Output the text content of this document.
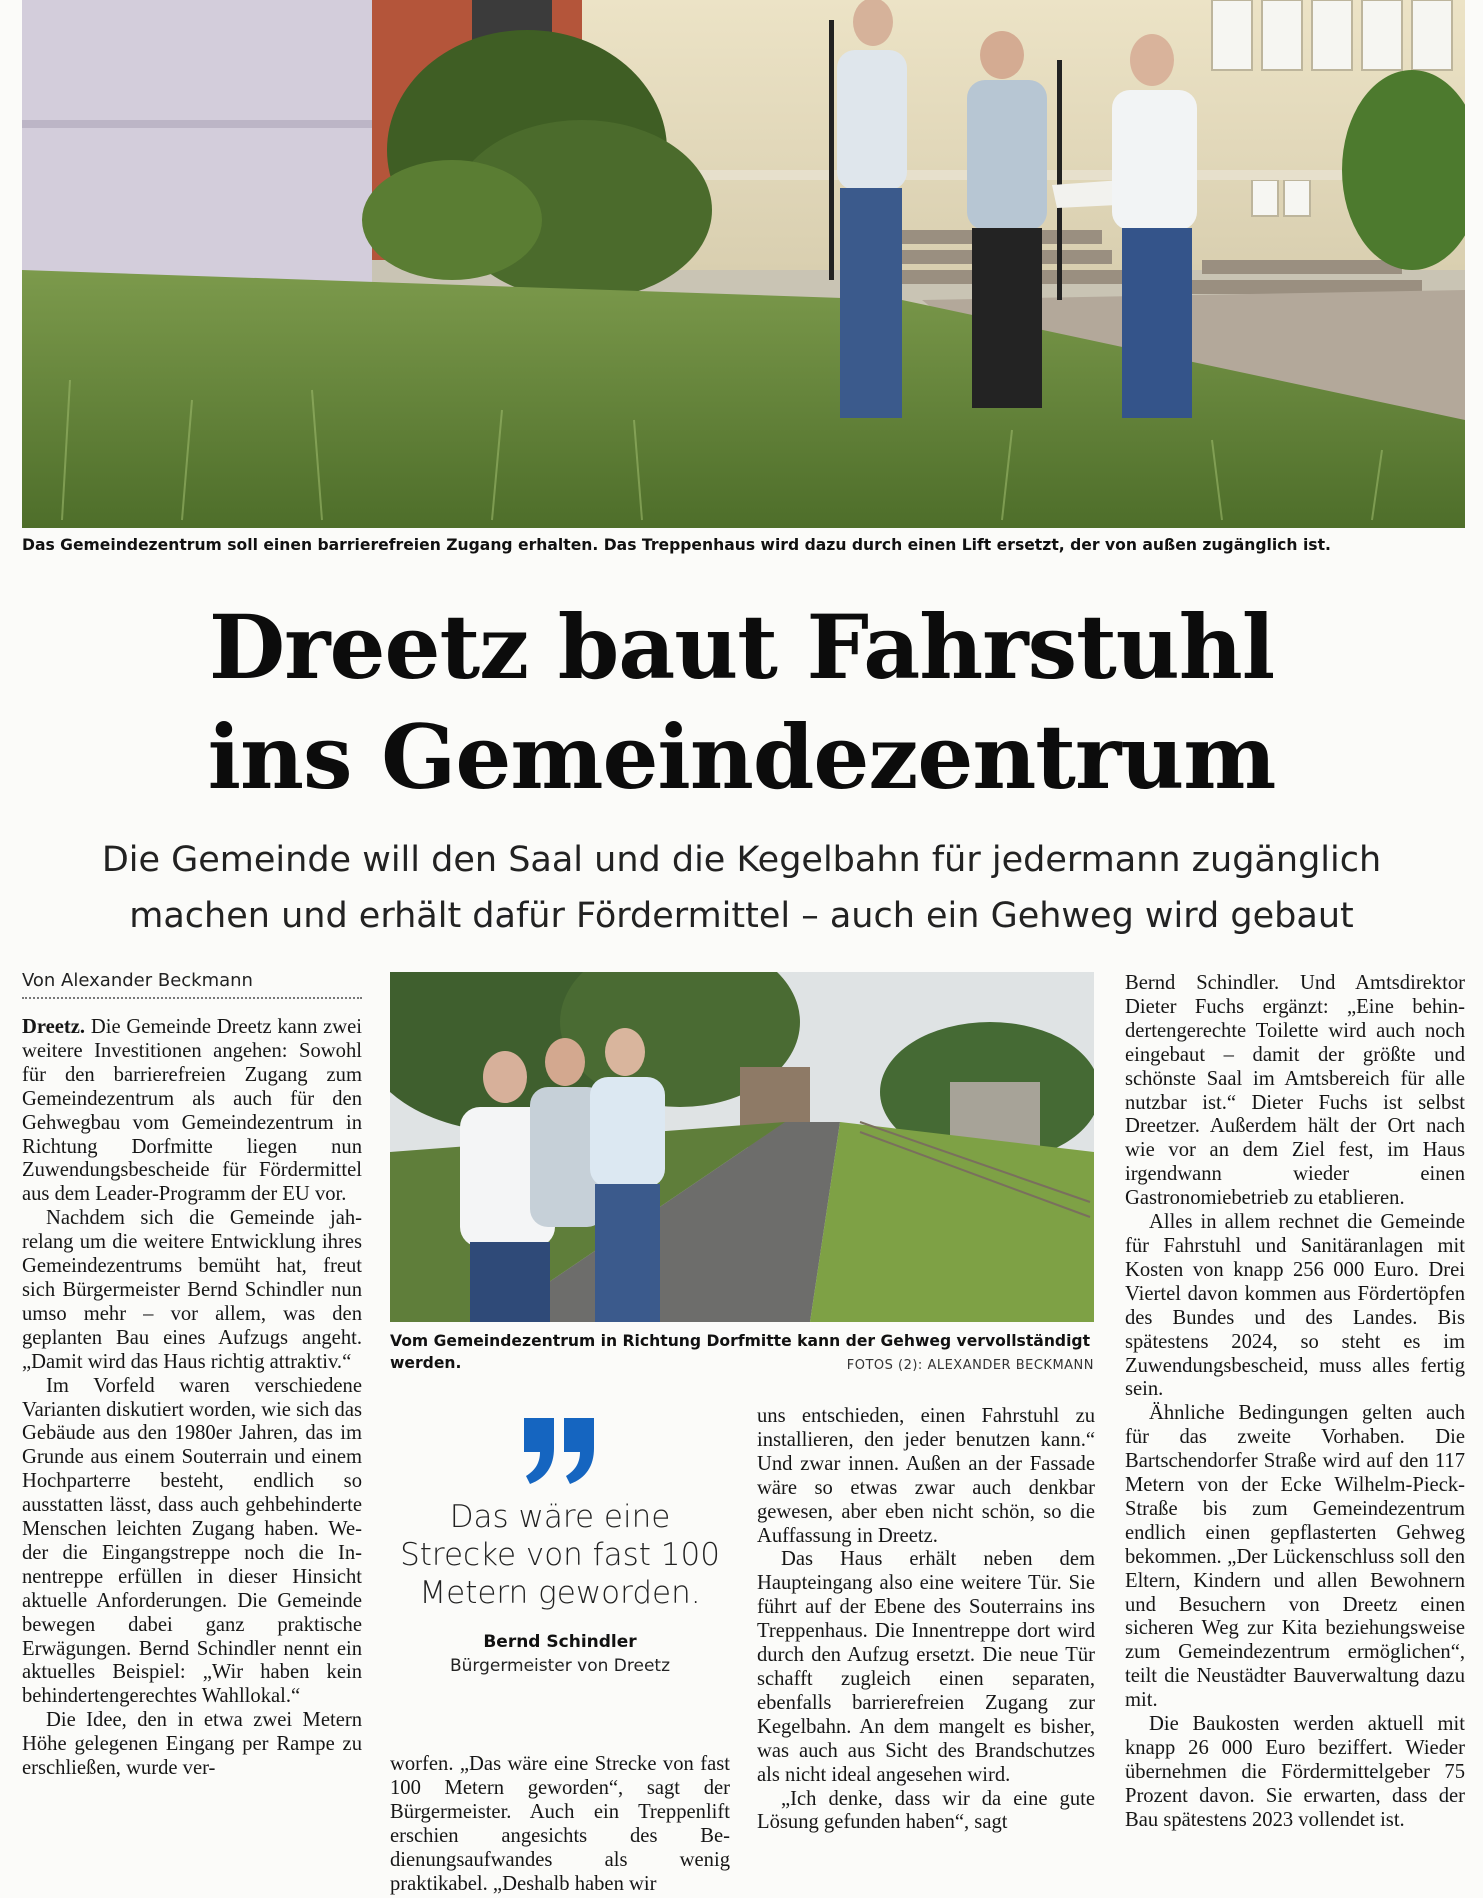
Das Gemeindezentrum soll einen barrierefreien Zugang erhalten. Das Treppenhaus wird dazu durch einen Lift ersetzt, der von außen zugänglich ist.
Dreetz baut Fahrstuhl
ins Gemeindezentrum
Die Gemeinde will den Saal und die Kegelbahn für jedermann zugänglich
machen und erhält dafür Fördermittel – auch ein Gehweg wird gebaut
Von Alexander Beckmann

Dreetz. Die Gemeinde Dreetz kann zwei weitere Investitionen angehen: Sowohl für den barrierefreien Zugang zum Gemeindezentrum als auch für den Gehwegbau vom Gemeindezentrum in Richtung Dorfmitte liegen nun Zuwendungsbescheide für Fördermittel aus dem Leader-Programm der EU vor.

Nachdem sich die Gemeinde jahrelang um die weitere Entwicklung ihres Gemeindezentrums bemüht hat, freut sich Bürgermeister Bernd Schindler nun umso mehr – vor allem, was den geplanten Bau eines Aufzugs angeht. „Damit wird das Haus richtig attraktiv.“

Im Vorfeld waren verschiedene Varianten diskutiert worden, wie sich das Gebäude aus den 1980er Jahren, das im Grunde aus einem Souterrain und einem Hochparterre besteht, endlich so ausstatten lässt, dass auch gehbehinderte Menschen leichten Zugang haben. Weder die Eingangstreppe noch die Innentreppe erfüllen in dieser Hinsicht aktuelle Anforderungen. Die Gemeinde bewegen dabei ganz praktische Erwägungen. Bernd Schindler nennt ein aktuelles Beispiel: „Wir haben kein behindertengerechtes Wahllokal.“

Die Idee, den in etwa zwei Metern Höhe gelegenen Eingang per Rampe zu erschließen, wurde ver-

Vom Gemeindezentrum in Richtung Dorfmitte kann der Gehweg vervollständigt werden.	FOTOS (2): ALEXANDER BECKMANN
Das wäre eine Strecke von fast 100 Metern geworden.
Bernd Schindler
Bürgermeister von Dreetz

worfen. „Das wäre eine Strecke von fast 100 Metern geworden“, sagt der Bürgermeister. Auch ein Treppenlift erschien angesichts des Bedienungsaufwandes als wenig praktikabel. „Deshalb haben wir

uns entschieden, einen Fahrstuhl zu installieren, den jeder benutzen kann.“ Und zwar innen. Außen an der Fassade wäre so etwas zwar auch denkbar gewesen, aber eben nicht schön, so die Auffassung in Dreetz.

Das Haus erhält neben dem Haupteingang also eine weitere Tür. Sie führt auf der Ebene des Souterrains ins Treppenhaus. Die Innentreppe dort wird durch den Aufzug ersetzt. Die neue Tür schafft zugleich einen separaten, ebenfalls barrierefreien Zugang zur Kegelbahn. An dem mangelt es bisher, was auch aus Sicht des Brandschutzes als nicht ideal angesehen wird.

„Ich denke, dass wir da eine gute Lösung gefunden haben“, sagt

Bernd Schindler. Und Amtsdirektor Dieter Fuchs ergänzt: „Eine behindertengerechte Toilette wird auch noch eingebaut – damit der größte und schönste Saal im Amtsbereich für alle nutzbar ist.“ Dieter Fuchs ist selbst Dreetzer. Außerdem hält der Ort nach wie vor an dem Ziel fest, im Haus irgendwann wieder einen Gastronomiebetrieb zu etablieren.

Alles in allem rechnet die Gemeinde für Fahrstuhl und Sanitäranlagen mit Kosten von knapp 256 000 Euro. Drei Viertel davon kommen aus Fördertöpfen des Bundes und des Landes. Bis spätestens 2024, so steht es im Zuwendungsbescheid, muss alles fertig sein.

Ähnliche Bedingungen gelten auch für das zweite Vorhaben. Die Bartschendorfer Straße wird auf den 117 Metern von der Ecke Wilhelm-Pieck-Straße bis zum Gemeindezentrum endlich einen gepflasterten Gehweg bekommen. „Der Lückenschluss soll den Eltern, Kindern und allen Bewohnern und Besuchern von Dreetz einen sicheren Weg zur Kita beziehungsweise zum Gemeindezentrum ermöglichen“, teilt die Neustädter Bauverwaltung dazu mit.

Die Baukosten werden aktuell mit knapp 26 000 Euro beziffert. Wieder übernehmen die Fördermittelgeber 75 Prozent davon. Sie erwarten, dass der Bau spätestens 2023 vollendet ist.
